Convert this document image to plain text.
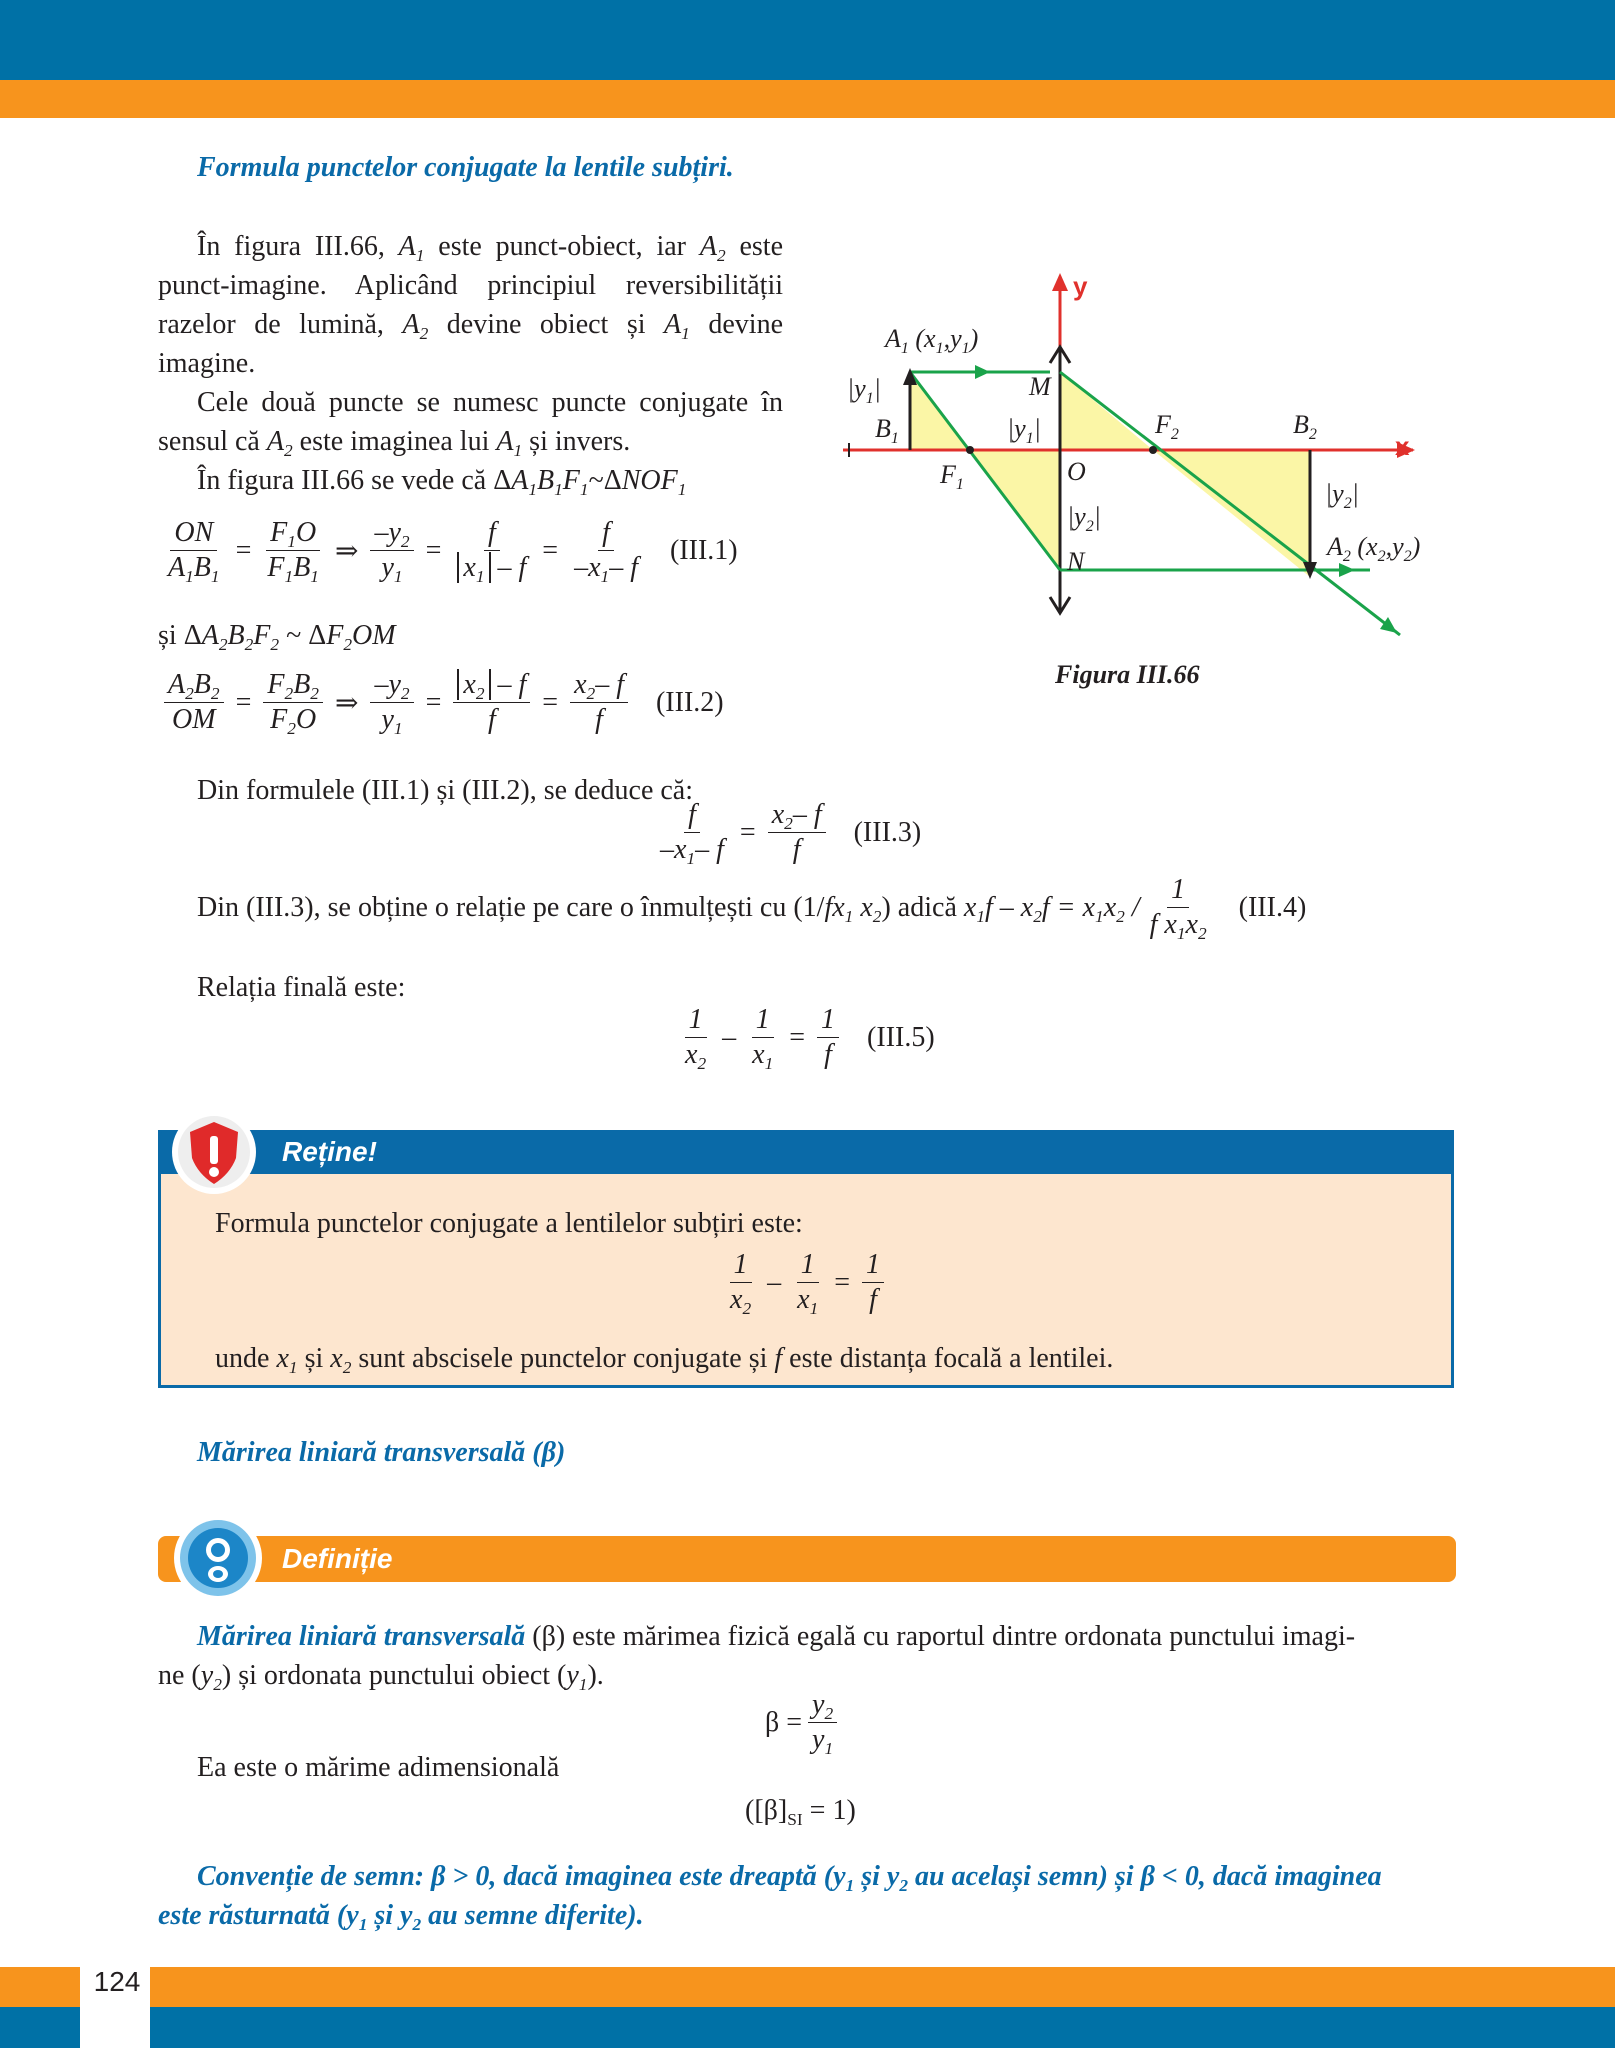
Formula punctelor conjugate la lentile subțiri.
În figura III.66, $A_1$ este punct-obiect, iar $A_2$ este punct-imagine. Aplicând principiul reversibilității razelor de lumină, $A_2$ devine obiect și $A_1$ devine imagine.
Cele două puncte se numesc puncte conjugate în sensul că $A_2$ este imaginea lui $A_1$ și invers.
În figura III.66 se vede că $\Delta A_1B_1F_1\sim\Delta NOF_1$
$\frac{ON}{A_1B_1} = \frac{F_1O}{F_1B_1}$ ⇒ $\frac{-y_2}{y_1} = \frac{f}{x_1 - f} = \frac{f}{-x_1- f} (III.1)$
și $\Delta A_2B_2F_2$ ~ $\Delta F_2OM$
$\frac{A_2B_2}{OM} = \frac{F_2B_2}{F_2O}$ ⇒ $\frac{-y_2}{y_1} = \frac{x_2 - f}{f} = \frac{x_2- f}{f} (III.2)$
$A_1$ $(x_1,y_1)$
$|y_1|$
$B_1$
$F_1$
M
$|y_1|$
O
$|y_2|$
N
$F_2$	$B_2$
$|y_2|$
$A_2$ $(x_2,y_2)$
y
x
Figura III.66
Din formulele (III.1) și (III.2), se deduce că:
$\frac{f}{-x_1- f} = \frac{x_2- f}{f} (III.3)$
Din (III.3), se obține o relație pe care o înmulțești cu (1/ $fx_1$ $x_2$ ) adică $x_1f - x_2f = x_1x_2 / \frac{1}{f x_1x_2} (III.4)$
Relația finală este:
$\frac{1}{x_2} - \frac{1}{x_1} = \frac{1}{f} (III.5)$
Reține!
Formula punctelor conjugate a lentilelor subțiri este:
$\frac{1}{x_2} - \frac{1}{x_1} = \frac{1}{f}$
unde $x_1$ și $x_2$ sunt abscisele punctelor conjugate și f este distanța focală a lentilei.
Mărirea liniară transversală (β)
Definiție
Mărirea liniară transversală (β) este mărimea fizică egală cu raportul dintre ordonata punctului imagi-
ne $(y_2)$ și ordonata punctului obiect $(y_1)$.
$\beta = \frac{y_2}{y_1}$
Ea este o mărime adimensională
$([\beta]_{SI} = 1)$
Convenție de semn: β > 0, dacă imaginea este dreaptă ($y_1$ și $y_2$ au același semn) și β < 0, dacă imaginea
este răsturnată ($y_1$ și $y_2$ au semne diferite).
124
